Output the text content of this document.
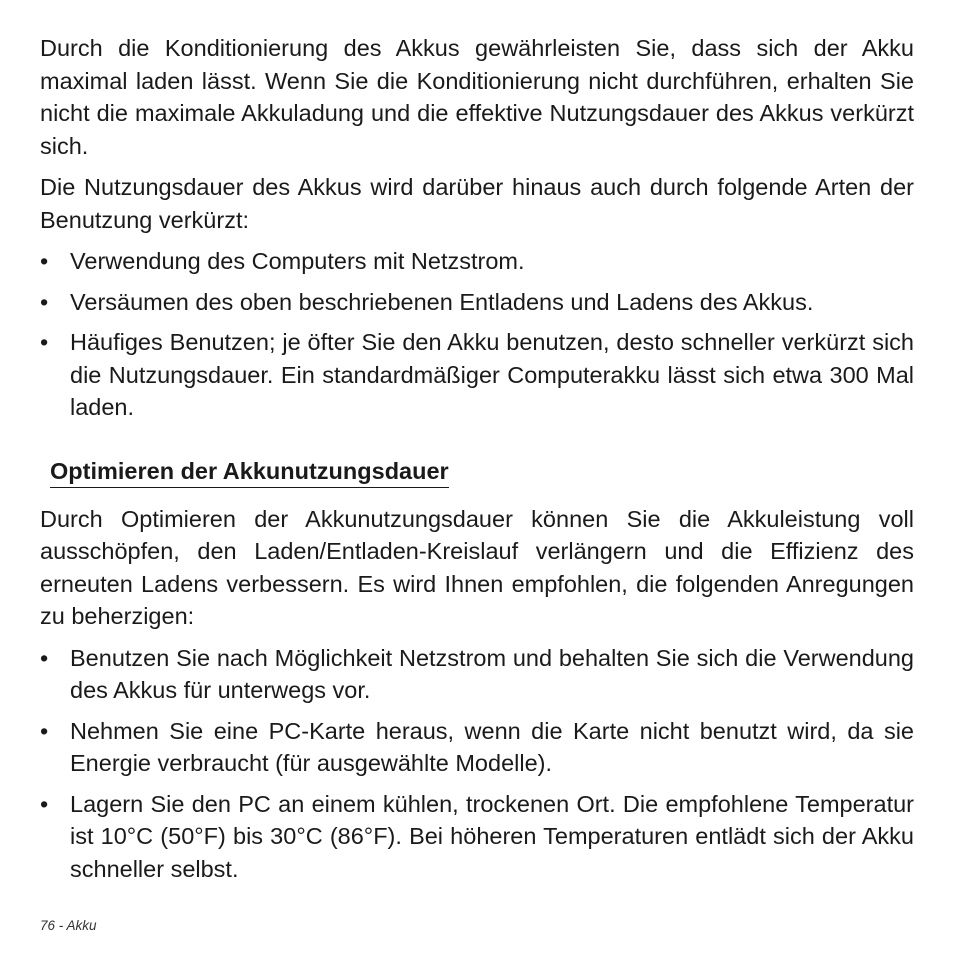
Durch die Konditionierung des Akkus gewährleisten Sie, dass sich der Akku maximal laden lässt. Wenn Sie die Konditionierung nicht durchführen, erhalten Sie nicht die maximale Akkuladung und die effektive Nutzungsdauer des Akkus verkürzt sich.

Die Nutzungsdauer des Akkus wird darüber hinaus auch durch folgende Arten der Benutzung verkürzt:

• Verwendung des Computers mit Netzstrom.
• Versäumen des oben beschriebenen Entladens und Ladens des Akkus.
• Häufiges Benutzen; je öfter Sie den Akku benutzen, desto schneller verkürzt sich die Nutzungsdauer. Ein standardmäßiger Computerakku lässt sich etwa 300 Mal laden.
Optimieren der Akkunutzungsdauer

Durch Optimieren der Akkunutzungsdauer können Sie die Akkuleistung voll ausschöpfen, den Laden/Entladen-Kreislauf verlängern und die Effizienz des erneuten Ladens verbessern. Es wird Ihnen empfohlen, die folgenden Anregungen zu beherzigen:

• Benutzen Sie nach Möglichkeit Netzstrom und behalten Sie sich die Verwendung des Akkus für unterwegs vor.
• Nehmen Sie eine PC-Karte heraus, wenn die Karte nicht benutzt wird, da sie Energie verbraucht (für ausgewählte Modelle).
• Lagern Sie den PC an einem kühlen, trockenen Ort. Die empfohlene Temperatur ist 10°C (50°F) bis 30°C (86°F). Bei höheren Temperaturen entlädt sich der Akku schneller selbst.
76 - Akku
